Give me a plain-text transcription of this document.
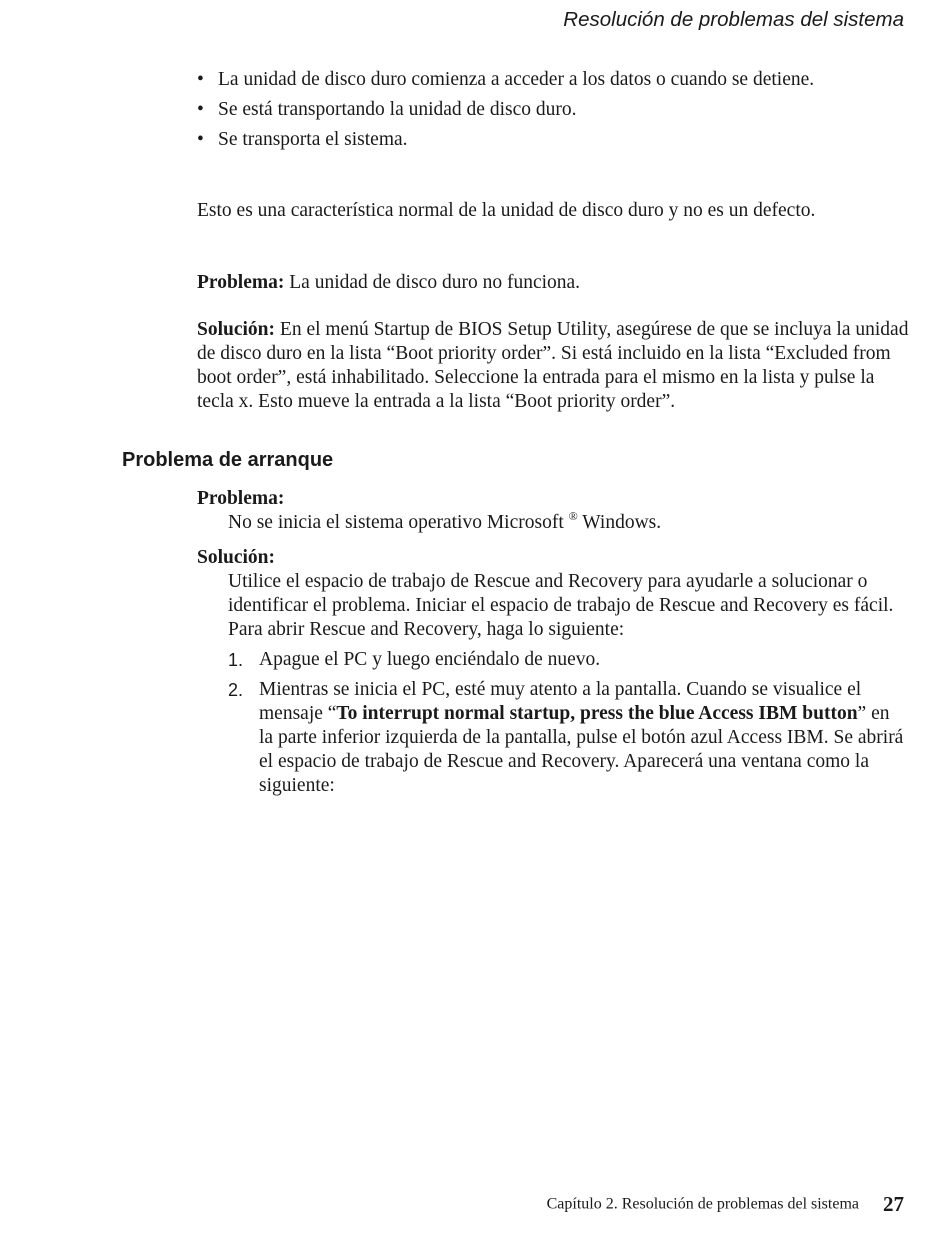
Resolución de problemas del sistema
• La unidad de disco duro comienza a acceder a los datos o cuando se detiene.
• Se está transportando la unidad de disco duro.
• Se transporta el sistema.

Esto es una característica normal de la unidad de disco duro y no es un defecto.

Problema: La unidad de disco duro no funciona.

Solución: En el menú Startup de BIOS Setup Utility, asegúrese de que se incluya la unidad de disco duro en la lista “Boot priority order”. Si está incluido en la lista “Excluded from boot order”, está inhabilitado. Seleccione la entrada para el mismo en la lista y pulse la tecla x. Esto mueve la entrada a la lista “Boot priority order”.

Problema de arranque

Problema:

No se inicia el sistema operativo Microsoft ® Windows.

Solución:

Utilice el espacio de trabajo de Rescue and Recovery para ayudarle a solucionar o identificar el problema. Iniciar el espacio de trabajo de Rescue and Recovery es fácil. Para abrir Rescue and Recovery, haga lo siguiente:

1. Apague el PC y luego enciéndalo de nuevo.
2. Mientras se inicia el PC, esté muy atento a la pantalla. Cuando se visualice el mensaje “To interrupt normal startup, press the blue Access IBM button” en la parte inferior izquierda de la pantalla, pulse el botón azul Access IBM. Se abrirá el espacio de trabajo de Rescue and Recovery. Aparecerá una ventana como la siguiente:
Capítulo 2. Resolución de problemas del sistema 27
